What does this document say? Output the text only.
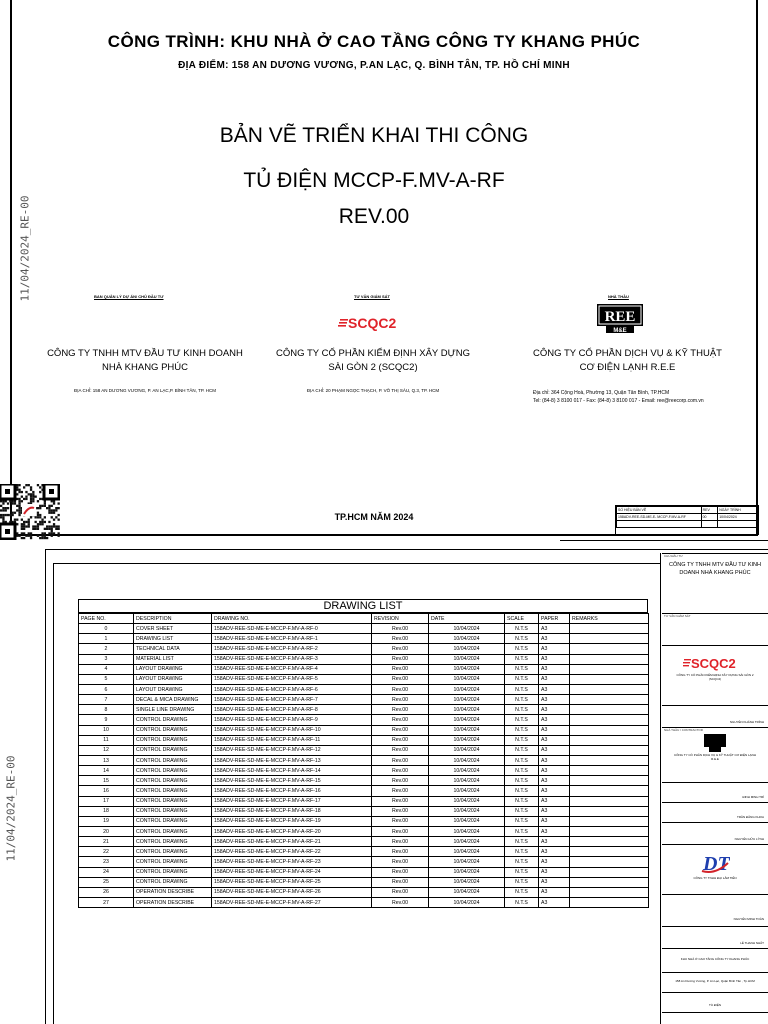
CÔNG TRÌNH: KHU NHÀ Ở CAO TẦNG CÔNG TY KHANG PHÚC
ĐỊA ĐIỂM: 158 AN DƯƠNG VƯƠNG, P.AN LẠC, Q. BÌNH TÂN, TP. HỒ CHÍ MINH
BẢN VẼ TRIỂN KHAI THI CÔNG
TỦ ĐIỆN MCCP-F.MV-A-RF
REV.00
11/04/2024_RE-00	BAN QUẢN LÝ DỰ ÁN/ CHỦ ĐẦU TƯ
CÔNG TY TNHH MTV ĐẦU TƯ KINH DOANH
NHÀ KHANG PHÚC
ĐỊA CHỈ: 158 AN DƯƠNG VƯƠNG, P. AN LẠC,P. BÌNH TÂN, TP. HCM
TƯ VẤN GIÁM SÁT
SCQC2
CÔNG TY CỔ PHẦN KIỂM ĐỊNH XÂY DỰNG
SÀI GÒN 2 (SCQC2)
ĐỊA CHỈ: 20 PHẠM NGỌC THẠCH, P. VÕ THỊ SÁU, Q.3, TP. HCM
NHÀ THẦU
REE
M&E
CÔNG TY CỔ PHẦN DỊCH VỤ & KỸ THUẬT
CƠ ĐIỆN LẠNH R.E.E
Địa chỉ: 364 Cộng Hoà, Phường 13, Quận Tân Bình, TP.HCM
Tel: (84-8) 3 8100 017 - Fax: (84-8) 3 8100 017 - Email: ree@reecorp.com.vn
TP.HCM NĂM 2024
SỐ HIỆU BẢN VẼ	REV	NGÀY TRÌNH
158ADV-REE-SD-ME-E- MCCP-F.MV-A-RF	00	10/04/2024

11/04/2024_RE-00
DRAWING LIST
PAGE NO.	DESCRIPTION	DRAWING NO.	REVISION	DATE	SCALE	PAPER	REMARKS
0	COVER SHEET	158ADV-REE-SD-ME-E-MCCP-F.MV-A-RF-0	Rev.00	10/04/2024	N.T.S	A3	
1	DRAWING LIST	158ADV-REE-SD-ME-E-MCCP-F.MV-A-RF-1	Rev.00	10/04/2024	N.T.S	A3	
2	TECHNICAL DATA	158ADV-REE-SD-ME-E-MCCP-F.MV-A-RF-2	Rev.00	10/04/2024	N.T.S	A3	
3	MATERIAL LIST	158ADV-REE-SD-ME-E-MCCP-F.MV-A-RF-3	Rev.00	10/04/2024	N.T.S	A3	
4	LAYOUT DRAWING	158ADV-REE-SD-ME-E-MCCP-F.MV-A-RF-4	Rev.00	10/04/2024	N.T.S	A3	
5	LAYOUT DRAWING	158ADV-REE-SD-ME-E-MCCP-F.MV-A-RF-5	Rev.00	10/04/2024	N.T.S	A3	
6	LAYOUT DRAWING	158ADV-REE-SD-ME-E-MCCP-F.MV-A-RF-6	Rev.00	10/04/2024	N.T.S	A3	
7	DECAL & MICA DRAWING	158ADV-REE-SD-ME-E-MCCP-F.MV-A-RF-7	Rev.00	10/04/2024	N.T.S	A3	
8	SINGLE LINE DRAWING	158ADV-REE-SD-ME-E-MCCP-F.MV-A-RF-8	Rev.00	10/04/2024	N.T.S	A3	
9	CONTROL DRAWING	158ADV-REE-SD-ME-E-MCCP-F.MV-A-RF-9	Rev.00	10/04/2024	N.T.S	A3	
10	CONTROL DRAWING	158ADV-REE-SD-ME-E-MCCP-F.MV-A-RF-10	Rev.00	10/04/2024	N.T.S	A3	
11	CONTROL DRAWING	158ADV-REE-SD-ME-E-MCCP-F.MV-A-RF-11	Rev.00	10/04/2024	N.T.S	A3	
12	CONTROL DRAWING	158ADV-REE-SD-ME-E-MCCP-F.MV-A-RF-12	Rev.00	10/04/2024	N.T.S	A3	
13	CONTROL DRAWING	158ADV-REE-SD-ME-E-MCCP-F.MV-A-RF-13	Rev.00	10/04/2024	N.T.S	A3	
14	CONTROL DRAWING	158ADV-REE-SD-ME-E-MCCP-F.MV-A-RF-14	Rev.00	10/04/2024	N.T.S	A3	
15	CONTROL DRAWING	158ADV-REE-SD-ME-E-MCCP-F.MV-A-RF-15	Rev.00	10/04/2024	N.T.S	A3	
16	CONTROL DRAWING	158ADV-REE-SD-ME-E-MCCP-F.MV-A-RF-16	Rev.00	10/04/2024	N.T.S	A3	
17	CONTROL DRAWING	158ADV-REE-SD-ME-E-MCCP-F.MV-A-RF-17	Rev.00	10/04/2024	N.T.S	A3	
18	CONTROL DRAWING	158ADV-REE-SD-ME-E-MCCP-F.MV-A-RF-18	Rev.00	10/04/2024	N.T.S	A3	
19	CONTROL DRAWING	158ADV-REE-SD-ME-E-MCCP-F.MV-A-RF-19	Rev.00	10/04/2024	N.T.S	A3	
20	CONTROL DRAWING	158ADV-REE-SD-ME-E-MCCP-F.MV-A-RF-20	Rev.00	10/04/2024	N.T.S	A3	
21	CONTROL DRAWING	158ADV-REE-SD-ME-E-MCCP-F.MV-A-RF-21	Rev.00	10/04/2024	N.T.S	A3	
22	CONTROL DRAWING	158ADV-REE-SD-ME-E-MCCP-F.MV-A-RF-22	Rev.00	10/04/2024	N.T.S	A3	
23	CONTROL DRAWING	158ADV-REE-SD-ME-E-MCCP-F.MV-A-RF-23	Rev.00	10/04/2024	N.T.S	A3	
24	CONTROL DRAWING	158ADV-REE-SD-ME-E-MCCP-F.MV-A-RF-24	Rev.00	10/04/2024	N.T.S	A3	
25	CONTROL DRAWING	158ADV-REE-SD-ME-E-MCCP-F.MV-A-RF-25	Rev.00	10/04/2024	N.T.S	A3	
26	OPERATION DESCRIBE	158ADV-REE-SD-ME-E-MCCP-F.MV-A-RF-26	Rev.00	10/04/2024	N.T.S	A3	
27	OPERATION DESCRIBE	158ADV-REE-SD-ME-E-MCCP-F.MV-A-RF-27	Rev.00	10/04/2024	N.T.S	A3	
CHỦ ĐẦU TƯ
CÔNG TY TNHH MTV ĐẦU TƯ KINH DOANH NHÀ KHANG PHÚC
TƯ VẤN GIÁM SÁT
SCQC2
CÔNG TY CỔ PHẦN KIỂM ĐỊNH XÂY DỰNG SÀI GÒN 2 (SCQC2)
NGUYỄN KHÁNH TRÌNH
NHÀ THẦU / CONTRACTOR
CÔNG TY CỔ PHẦN DỊCH VỤ & KỸ THUẬT CƠ ĐIỆN LẠNH R.E.E
ĐINH MINH TRÍ
TRẦN ĐĂNG KHOA
NGUYỄN HỮU LÝNH
DT
CÔNG TY TNHH ĐẠI LÂM TIẾN
NGUYỄN MINH TOÀN
LÊ THANH NHẤT
KHU NHÀ Ở CAO TẦNG CÔNG TY KHANG PHÚC
158 An Dương Vương, P. An Lạc, Quận Bình Tân , Tp.HCM
TỦ ĐIỆN
